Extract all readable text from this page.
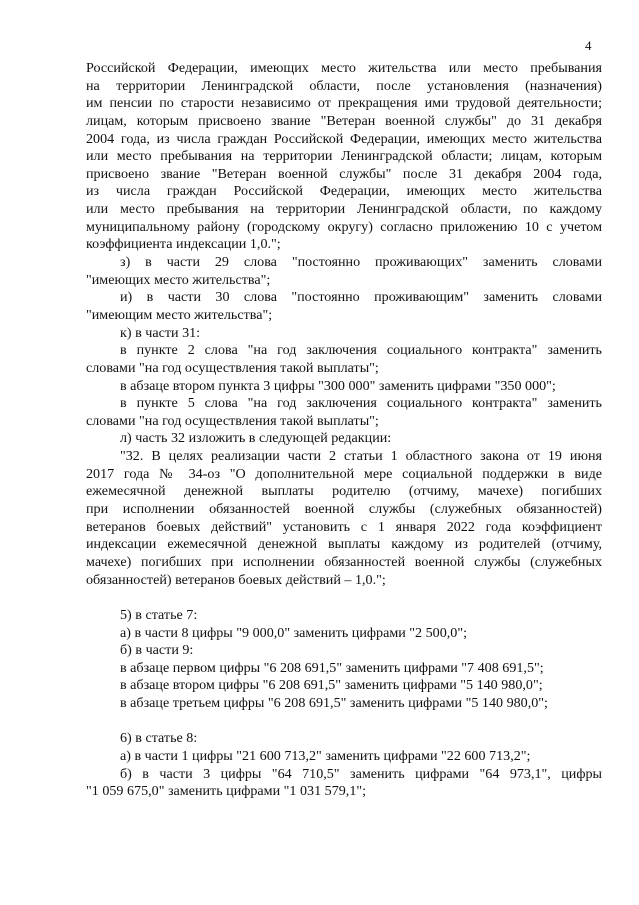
4
Российской Федерации, имеющих место жительства или место пребывания
на территории Ленинградской области, после установления (назначения)
им пенсии по старости независимо от прекращения ими трудовой деятельности;
лицам, которым присвоено звание "Ветеран военной службы" до 31 декабря
2004 года, из числа граждан Российской Федерации, имеющих место жительства
или место пребывания на территории Ленинградской области; лицам, которым
присвоено звание "Ветеран военной службы" после 31 декабря 2004 года,
из числа граждан Российской Федерации, имеющих место жительства
или место пребывания на территории Ленинградской области, по каждому
муниципальному району (городскому округу) согласно приложению 10 с учетом
коэффициента индексации 1,0.";
з) в части 29 слова "постоянно проживающих" заменить словами
"имеющих место жительства";
и) в части 30 слова "постоянно проживающим" заменить словами
"имеющим место жительства";
к) в части 31:
в пункте 2 слова "на год заключения социального контракта" заменить
словами "на год осуществления такой выплаты";
в абзаце втором пункта 3 цифры "300 000" заменить цифрами "350 000";
в пункте 5 слова "на год заключения социального контракта" заменить
словами "на год осуществления такой выплаты";
л) часть 32 изложить в следующей редакции:
"32. В целях реализации части 2 статьи 1 областного закона от 19 июня
2017 года № 34-оз "О дополнительной мере социальной поддержки в виде
ежемесячной денежной выплаты родителю (отчиму, мачехе) погибших
при исполнении обязанностей военной службы (служебных обязанностей)
ветеранов боевых действий" установить с 1 января 2022 года коэффициент
индексации ежемесячной денежной выплаты каждому из родителей (отчиму,
мачехе) погибших при исполнении обязанностей военной службы (служебных
обязанностей) ветеранов боевых действий – 1,0.";
5) в статье 7:
а) в части 8 цифры "9 000,0" заменить цифрами "2 500,0";
б) в части 9:
в абзаце первом цифры "6 208 691,5" заменить цифрами "7 408 691,5";
в абзаце втором цифры "6 208 691,5" заменить цифрами "5 140 980,0";
в абзаце третьем цифры "6 208 691,5" заменить цифрами "5 140 980,0";
6) в статье 8:
а) в части 1 цифры "21 600 713,2" заменить цифрами "22 600 713,2";
б) в части 3 цифры "64 710,5" заменить цифрами "64 973,1", цифры
"1 059 675,0" заменить цифрами "1 031 579,1";
